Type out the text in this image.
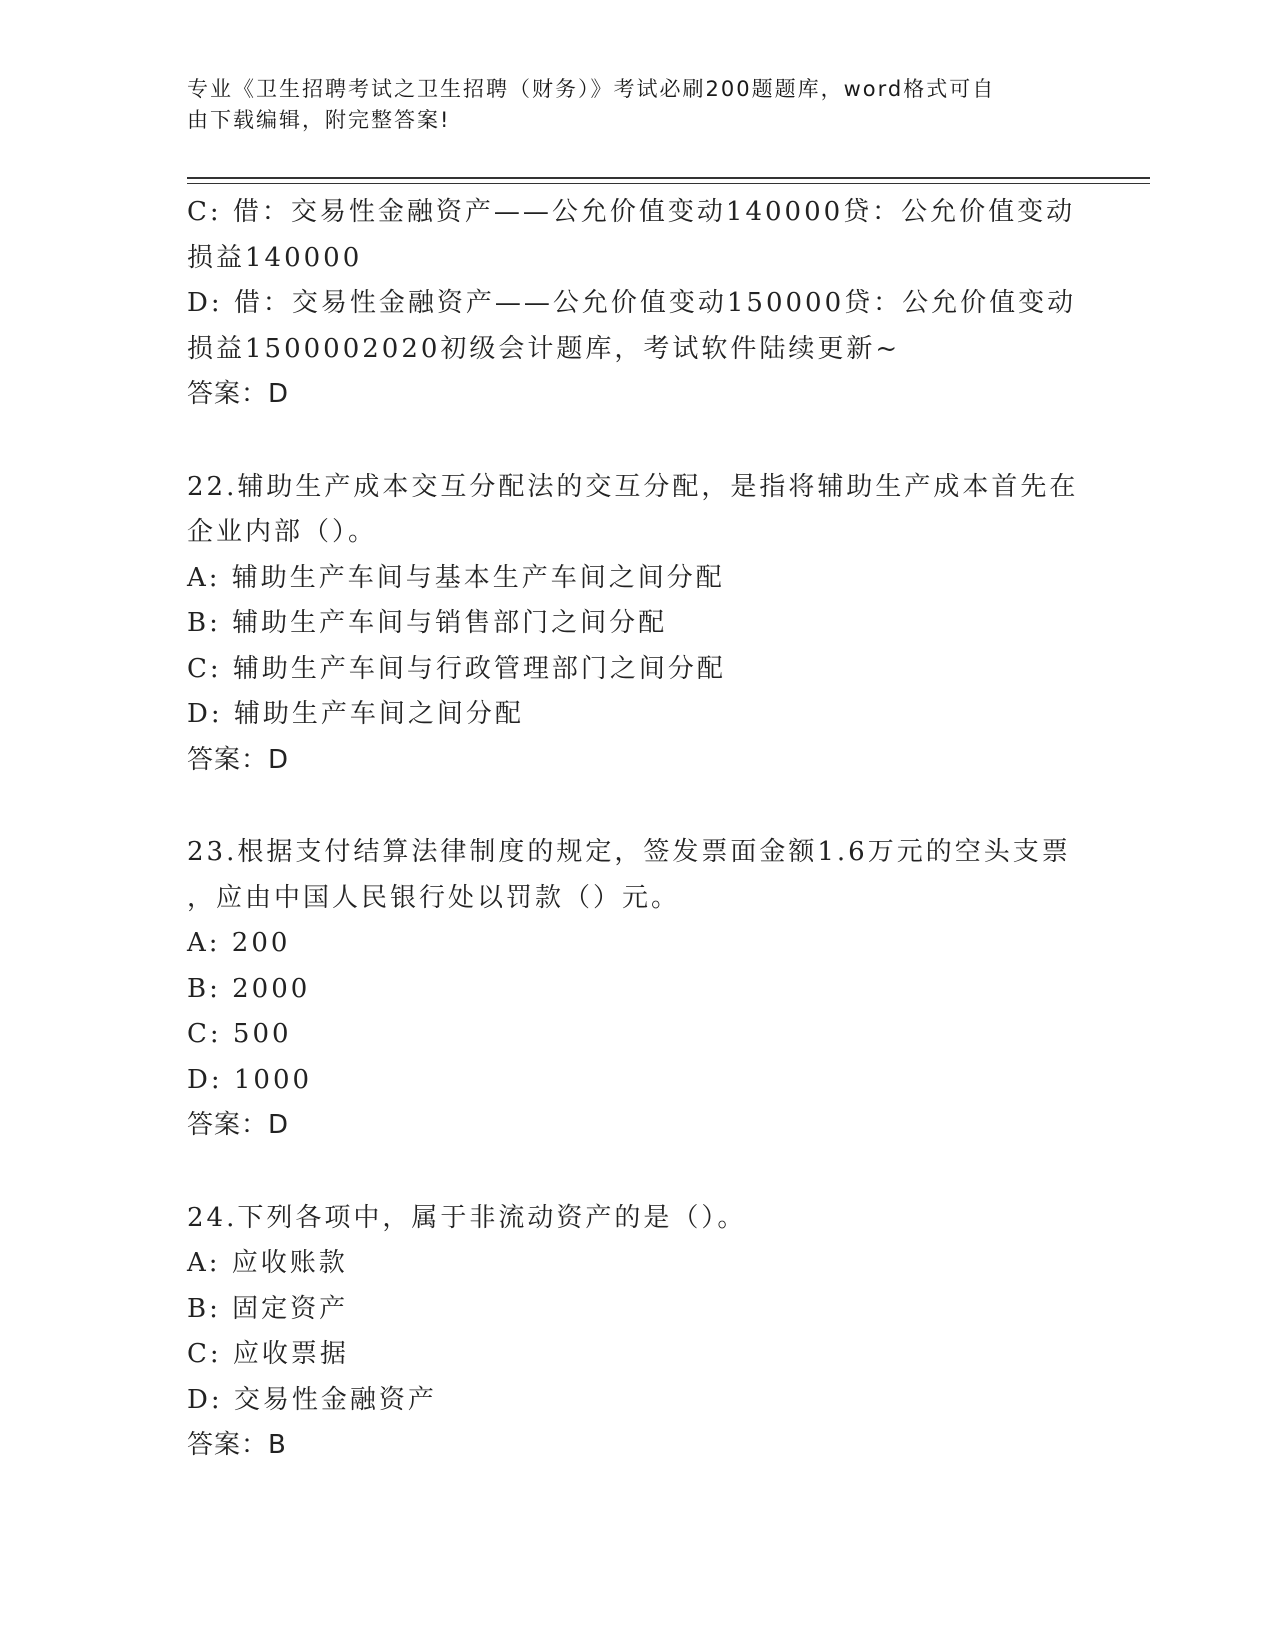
专业《卫生招聘考试之卫生招聘（财务）》考试必刷200题题库，word格式可自
由下载编辑，附完整答案!
C: 借：交易性金融资产——公允价值变动140000贷：公允价值变动
损益140000
D: 借：交易性金融资产——公允价值变动150000贷：公允价值变动
损益1500002020初级会计题库，考试软件陆续更新~
答案：D
22.辅助生产成本交互分配法的交互分配，是指将辅助生产成本首先在
企业内部（）。
A: 辅助生产车间与基本生产车间之间分配
B: 辅助生产车间与销售部门之间分配
C: 辅助生产车间与行政管理部门之间分配
D: 辅助生产车间之间分配
答案：D
23.根据支付结算法律制度的规定，签发票面金额1.6万元的空头支票
，应由中国人民银行处以罚款（）元。
A: 200
B: 2000
C: 500
D: 1000
答案：D
24.下列各项中，属于非流动资产的是（）。
A: 应收账款
B: 固定资产
C: 应收票据
D: 交易性金融资产
答案：B
